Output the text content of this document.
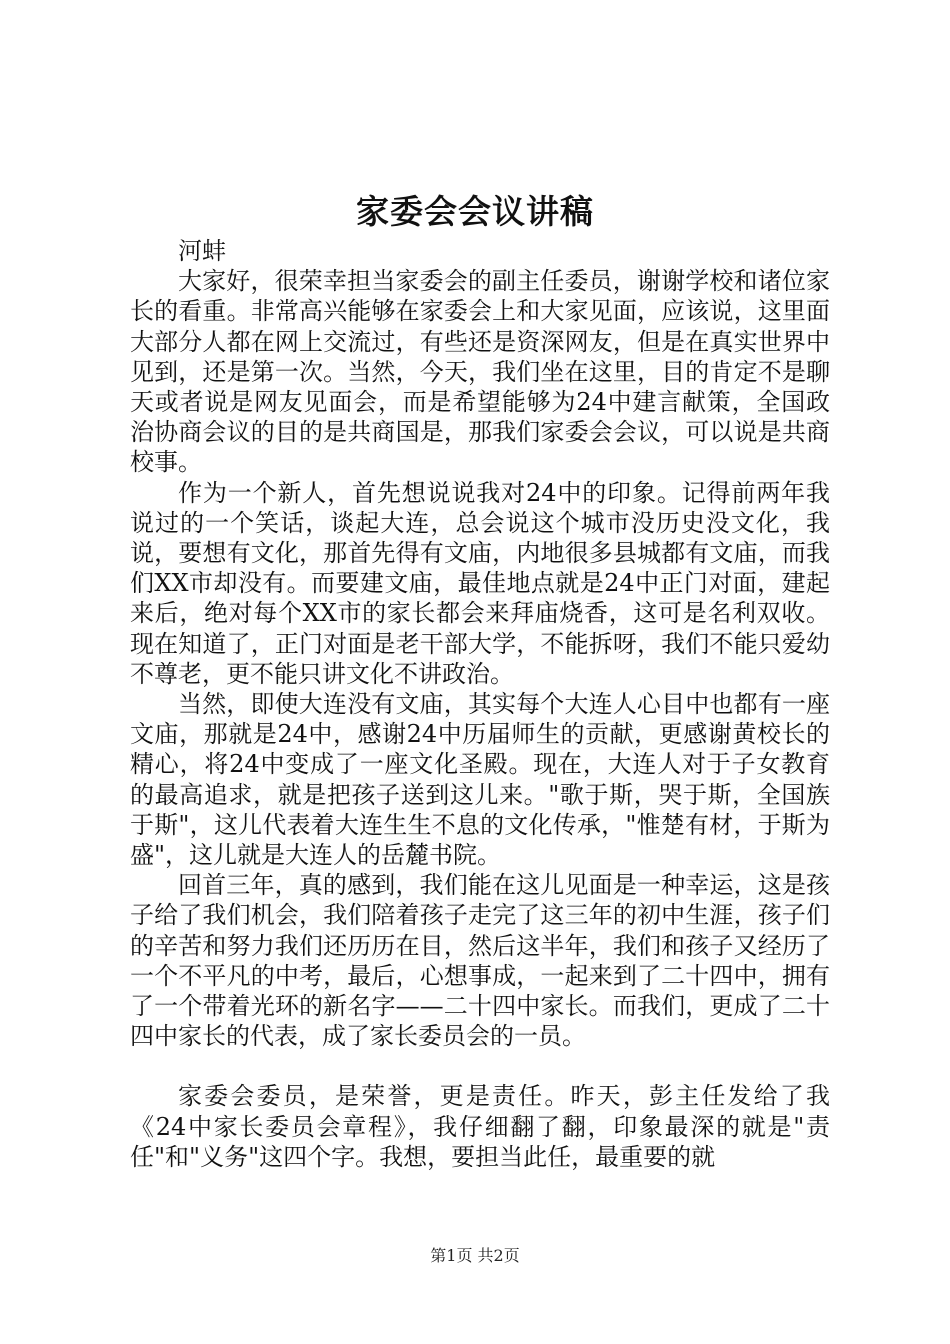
家委会会议讲稿

河蚌

大家好，很荣幸担当家委会的副主任委员，谢谢学校和诸位家长的看重。非常高兴能够在家委会上和大家见面，应该说，这里面大部分人都在网上交流过，有些还是资深网友，但是在真实世界中见到，还是第一次。当然，今天，我们坐在这里，目的肯定不是聊天或者说是网友见面会，而是希望能够为24中建言献策，全国政治协商会议的目的是共商国是，那我们家委会会议，可以说是共商校事。

作为一个新人，首先想说说我对24中的印象。记得前两年我说过的一个笑话，谈起大连，总会说这个城市没历史没文化，我说，要想有文化，那首先得有文庙，内地很多县城都有文庙，而我们XX市却没有。而要建文庙，最佳地点就是24中正门对面，建起来后，绝对每个XX市的家长都会来拜庙烧香，这可是名利双收。现在知道了，正门对面是老干部大学，不能拆呀，我们不能只爱幼不尊老，更不能只讲文化不讲政治。

当然，即使大连没有文庙，其实每个大连人心目中也都有一座文庙，那就是24中，感谢24中历届师生的贡献，更感谢黄校长的精心，将24中变成了一座文化圣殿。现在，大连人对于子女教育的最高追求，就是把孩子送到这儿来。"歌于斯，哭于斯，全国族于斯"，这儿代表着大连生生不息的文化传承，"惟楚有材，于斯为盛"，这儿就是大连人的岳麓书院。

回首三年，真的感到，我们能在这儿见面是一种幸运，这是孩子给了我们机会，我们陪着孩子走完了这三年的初中生涯，孩子们的辛苦和努力我们还历历在目，然后这半年，我们和孩子又经历了一个不平凡的中考，最后，心想事成，一起来到了二十四中，拥有了一个带着光环的新名字——二十四中家长。而我们，更成了二十四中家长的代表，成了家长委员会的一员。

家委会委员，是荣誉，更是责任。昨天，彭主任发给了我《24中家长委员会章程》，我仔细翻了翻，印象最深的就是"责任"和"义务"这四个字。我想，要担当此任，最重要的就

第1页 共2页
